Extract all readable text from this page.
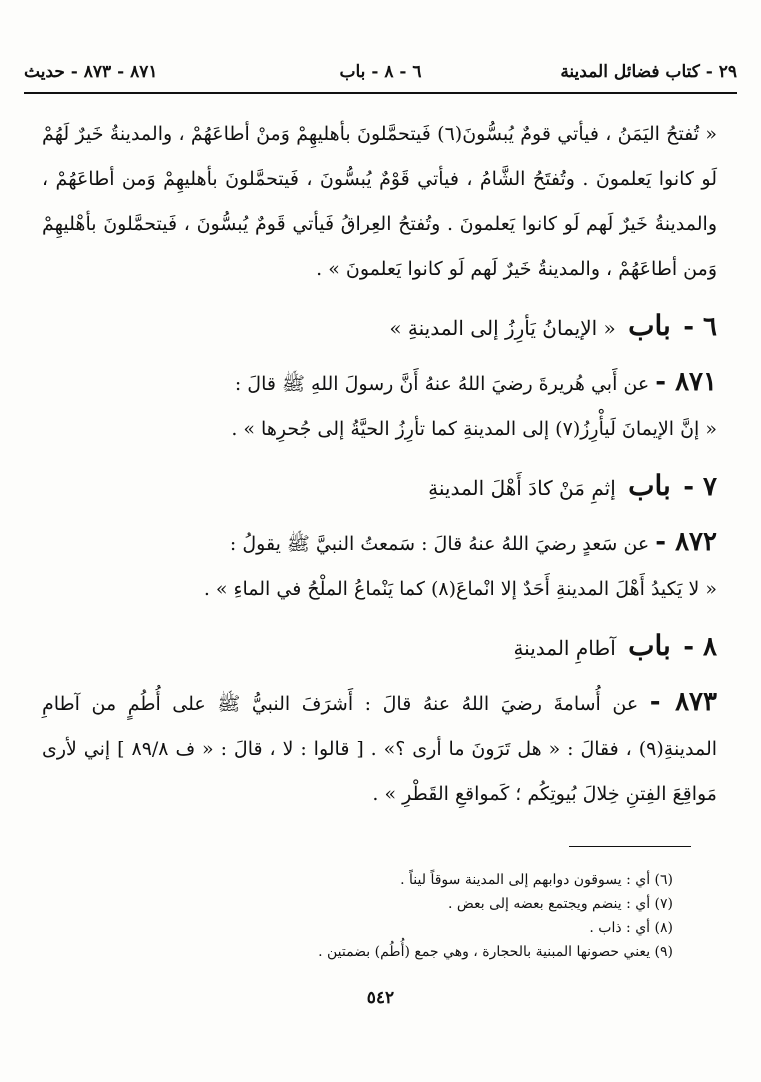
٢٩ - كتاب فضائل المدينة
٦ - ٨ - باب
٨٧١ - ٨٧٣ - حديث

« تُفتحُ اليَمَنُ ، فيأتي قومٌ يُبسُّونَ(٦) فَيتحمَّلونَ بأهليهِمْ وَمنْ أطاعَهُمْ ، والمدينةُ خَيرٌ لَهُمْ لَو كانوا يَعلمونَ . وتُفتَحُ الشَّامُ ، فيأتي قَوْمٌ يُبسُّونَ ، فَيتحمَّلونَ بأهليهِمْ وَمن أطاعَهُمْ ، والمدينةُ خَيرٌ لَهم لَو كانوا يَعلمونَ . وتُفتحُ العِراقُ فَيأتي قَومٌ يُبسُّونَ ، فَيتحمَّلونَ بأهْليهِمْ وَمن أطاعَهُمْ ، والمدينةُ خَيرٌ لَهم لَو كانوا يَعلمونَ » .

٦ - باب « الإيمانُ يَأرِزُ إلى المدينةِ »

٨٧١ - عن أَبي هُريرةَ رضيَ اللهُ عنهُ أَنَّ رسولَ اللهِ ﷺ قالَ :

« إنَّ الإيمانَ لَيأْرِزُ(٧) إلى المدينةِ كما تأرِزُ الحيَّةُ إلى جُحرِها » .

٧ - باب إثمِ مَنْ كادَ أَهْلَ المدينةِ

٨٧٢ - عن سَعدٍ رضيَ اللهُ عنهُ قالَ : سَمعتُ النبيَّ ﷺ يقولُ :

« لا يَكيدُ أَهْلَ المدينةِ أَحَدٌ إلا انْماعَ(٨) كما يَنْماعُ الملْحُ في الماءِ » .

٨ - باب آطامِ المدينةِ

٨٧٣ - عن أُسامةَ رضيَ اللهُ عنهُ قالَ : أَشرَفَ النبيُّ ﷺ على أُطُمٍ من آطامِ المدينةِ(٩) ، فقالَ : « هل تَرَونَ ما أرى ؟» . [ قالوا : لا ، قالَ : « ف ٨٩/٨ ] إني لأرى مَواقِعَ الفِتنِ خِلالَ بُيوتِكُم ؛ كَمواقعِ القَطْرِ » .

(٦) أي : يسوقون دوابهم إلى المدينة سوقاً ليناً .
(٧) أي : ينضم ويجتمع بعضه إلى بعض .
(٨) أي : ذاب .
(٩) يعني حصونها المبنية بالحجارة ، وهي جمع (أُطُم) بضمتين .
٥٤٢
